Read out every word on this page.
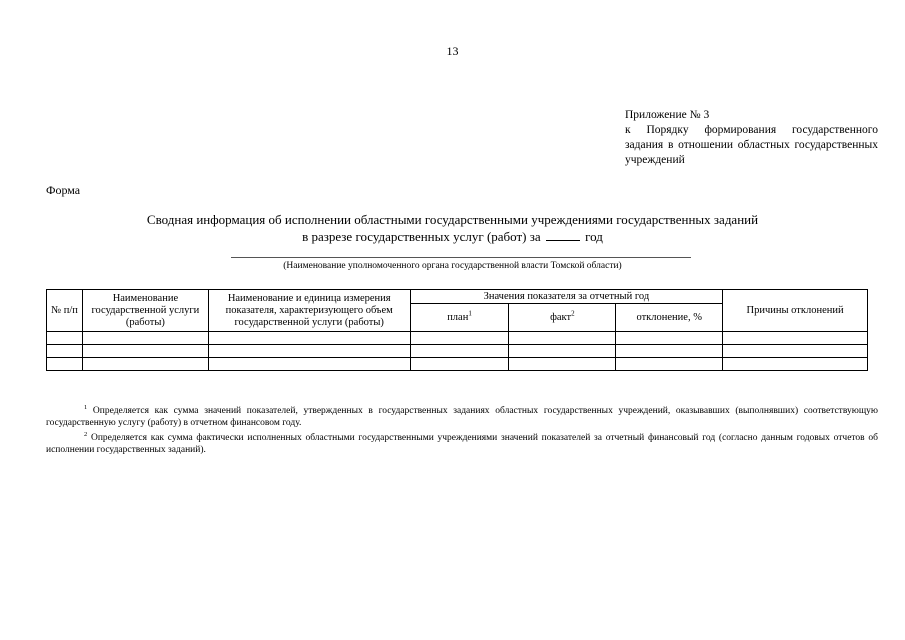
13
Приложение № 3
к Порядку формирования государственного задания в отношении областных государственных учреждений
Форма
Сводная информация об исполнении областными государственными учреждениями государственных заданий
в разрезе государственных услуг (работ) за	год
(Наименование уполномоченного органа государственной власти Томской области)
№ п/п	Наименование государственной услуги (работы)	Наименование и единица измерения показателя, характеризующего объем государственной услуги (работы)	Значения показателя за отчетный год			Причины отклонений
			план$^1$	факт$^2$	отклонение, %	

$^1$ Определяется как сумма значений показателей, утвержденных в государственных заданиях областных государственных учреждений, оказывавших (выполнявших) соответствующую государственную услугу (работу) в отчетном финансовом году.

$^2$ Определяется как сумма фактически исполненных областными государственными учреждениями значений показателей за отчетный финансовый год (согласно данным годовых отчетов об исполнении государственных заданий).
